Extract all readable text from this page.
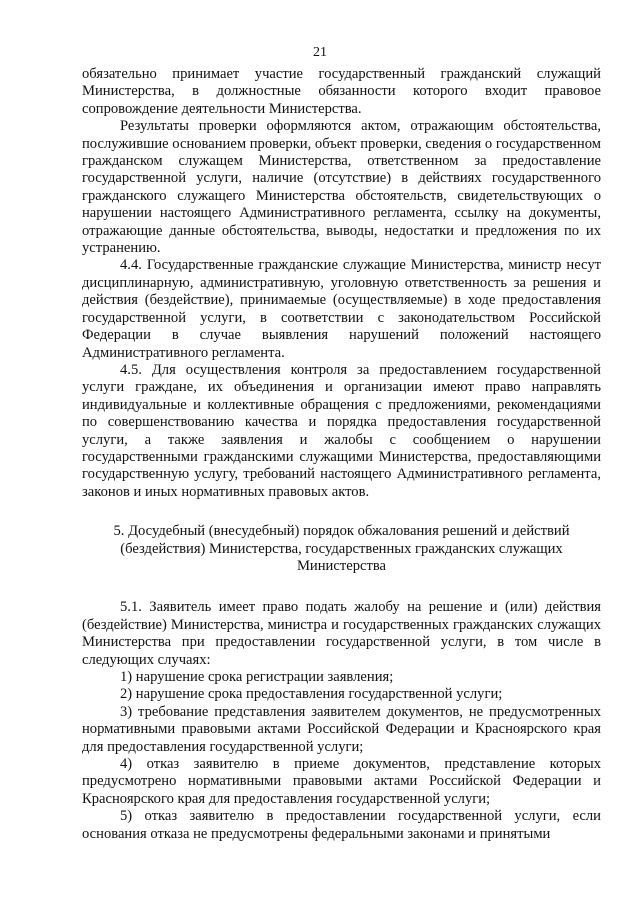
21

обязательно принимает участие государственный гражданский служащий Министерства, в должностные обязанности которого входит правовое сопровождение деятельности Министерства.

Результаты проверки оформляются актом, отражающим обстоятельства, послужившие основанием проверки, объект проверки, сведения о государственном гражданском служащем Министерства, ответственном за предоставление государственной услуги, наличие (отсутствие) в действиях государственного гражданского служащего Министерства обстоятельств, свидетельствующих о нарушении настоящего Административного регламента, ссылку на документы, отражающие данные обстоятельства, выводы, недостатки и предложения по их устранению.

4.4. Государственные гражданские служащие Министерства, министр несут дисциплинарную, административную, уголовную ответственность за решения и действия (бездействие), принимаемые (осуществляемые) в ходе предоставления государственной услуги, в соответствии с законодательством Российской Федерации в случае выявления нарушений положений настоящего Административного регламента.

4.5. Для осуществления контроля за предоставлением государственной услуги граждане, их объединения и организации имеют право направлять индивидуальные и коллективные обращения с предложениями, рекомендациями по совершенствованию качества и порядка предоставления государственной услуги, а также заявления и жалобы с сообщением о нарушении государственными гражданскими служащими Министерства, предоставляющими государственную услугу, требований настоящего Административного регламента, законов и иных нормативных правовых актов.

5. Досудебный (внесудебный) порядок обжалования решений и действий
(бездействия) Министерства, государственных гражданских служащих
Министерства

5.1. Заявитель имеет право подать жалобу на решение и (или) действия (бездействие) Министерства, министра и государственных гражданских служащих Министерства при предоставлении государственной услуги, в том числе в следующих случаях:

1) нарушение срока регистрации заявления;

2) нарушение срока предоставления государственной услуги;

3) требование представления заявителем документов, не предусмотренных нормативными правовыми актами Российской Федерации и Красноярского края для предоставления государственной услуги;

4) отказ заявителю в приеме документов, представление которых предусмотрено нормативными правовыми актами Российской Федерации и Красноярского края для предоставления государственной услуги;

5) отказ заявителю в предоставлении государственной услуги, если основания отказа не предусмотрены федеральными законами и принятыми
